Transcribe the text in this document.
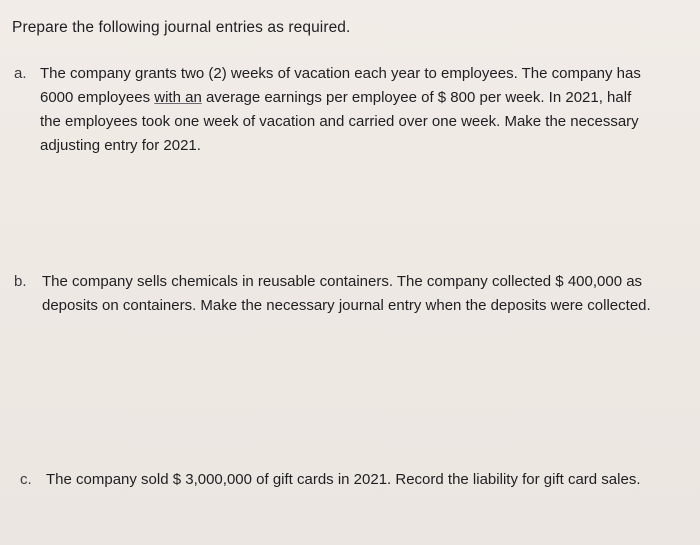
Prepare the following journal entries as required.
a. The company grants two (2) weeks of vacation each year to employees. The company has
6000 employees with an average earnings per employee of $ 800 per week. In 2021, half
the employees took one week of vacation and carried over one week. Make the necessary
adjusting entry for 2021.
b. The company sells chemicals in reusable containers. The company collected $ 400,000 as
deposits on containers. Make the necessary journal entry when the deposits were collected.
c. The company sold $ 3,000,000 of gift cards in 2021. Record the liability for gift card sales.
